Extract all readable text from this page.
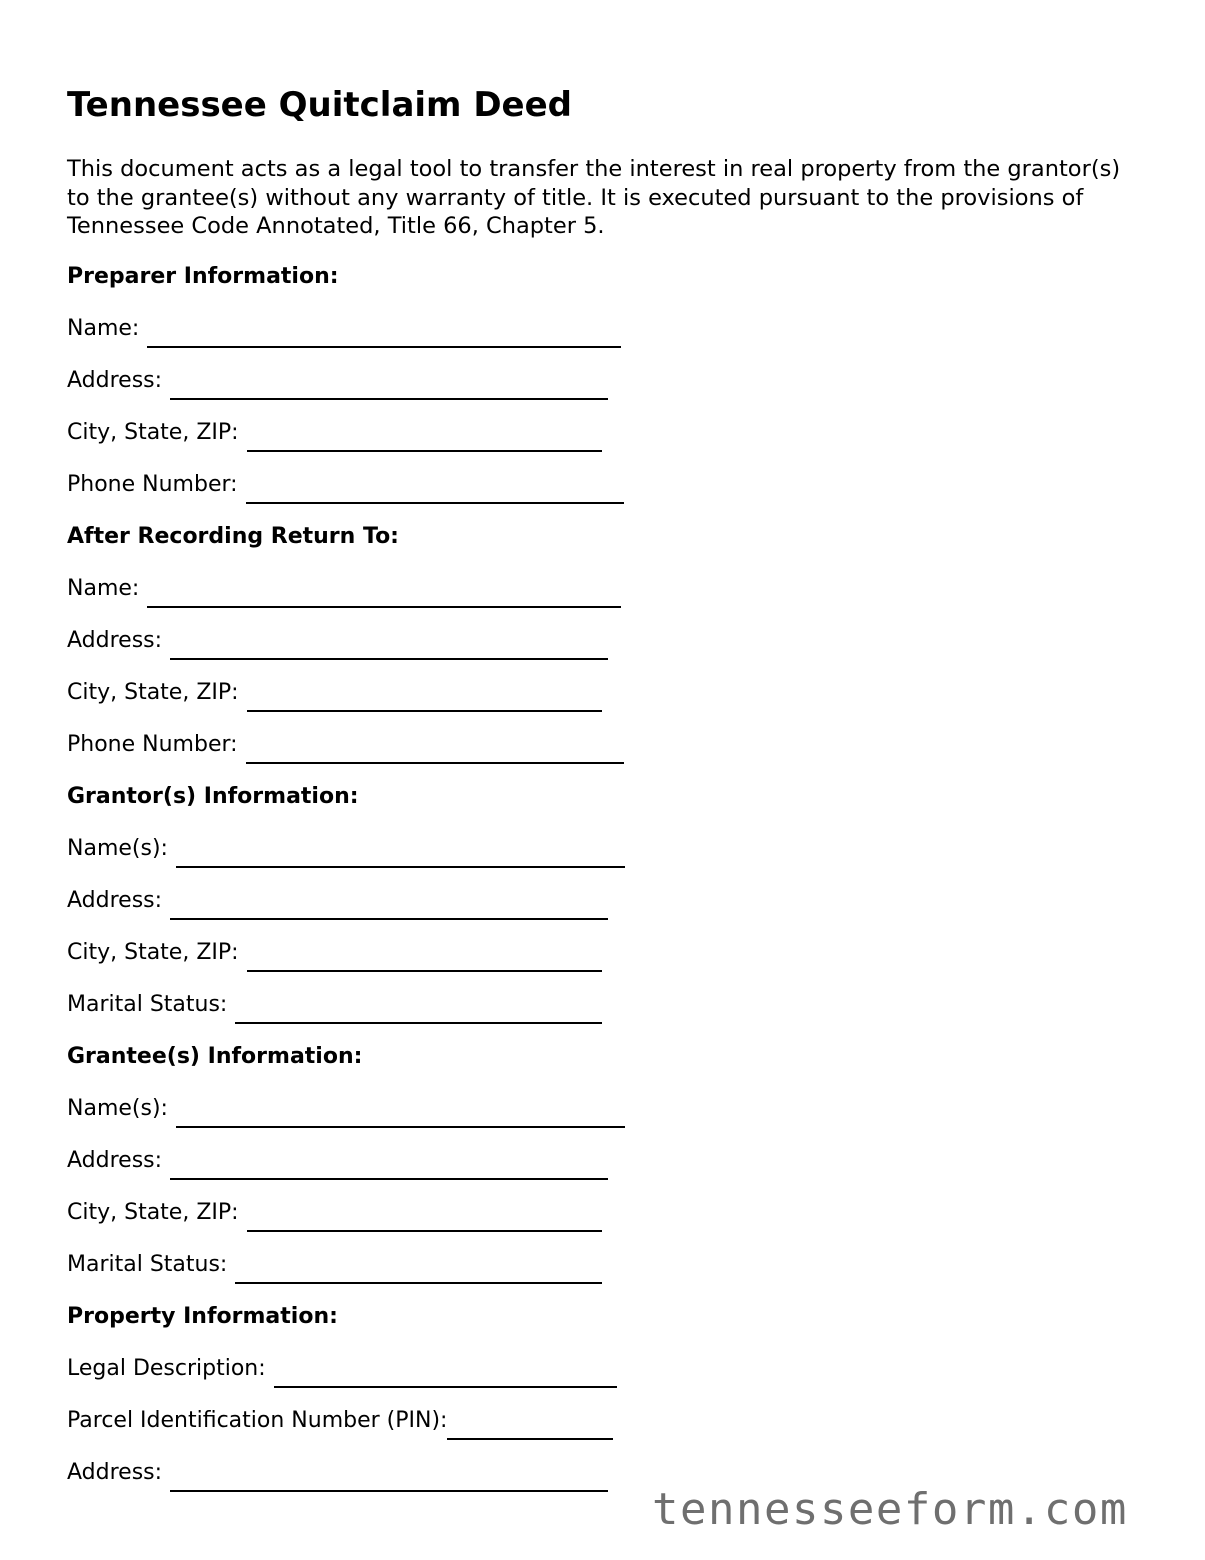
Tennessee Quitclaim Deed

This document acts as a legal tool to transfer the interest in real property from the grantor(s) to the grantee(s) without any warranty of title. It is executed pursuant to the provisions of Tennessee Code Annotated, Title 66, Chapter 5.

Preparer Information:
Name:
Address:
City, State, ZIP:
Phone Number:
After Recording Return To:
Name:
Address:
City, State, ZIP:
Phone Number:
Grantor(s) Information:
Name(s):
Address:
City, State, ZIP:
Marital Status:
Grantee(s) Information:
Name(s):
Address:
City, State, ZIP:
Marital Status:
Property Information:
Legal Description:
Parcel Identification Number (PIN):
Address:
tennesseeform.com
